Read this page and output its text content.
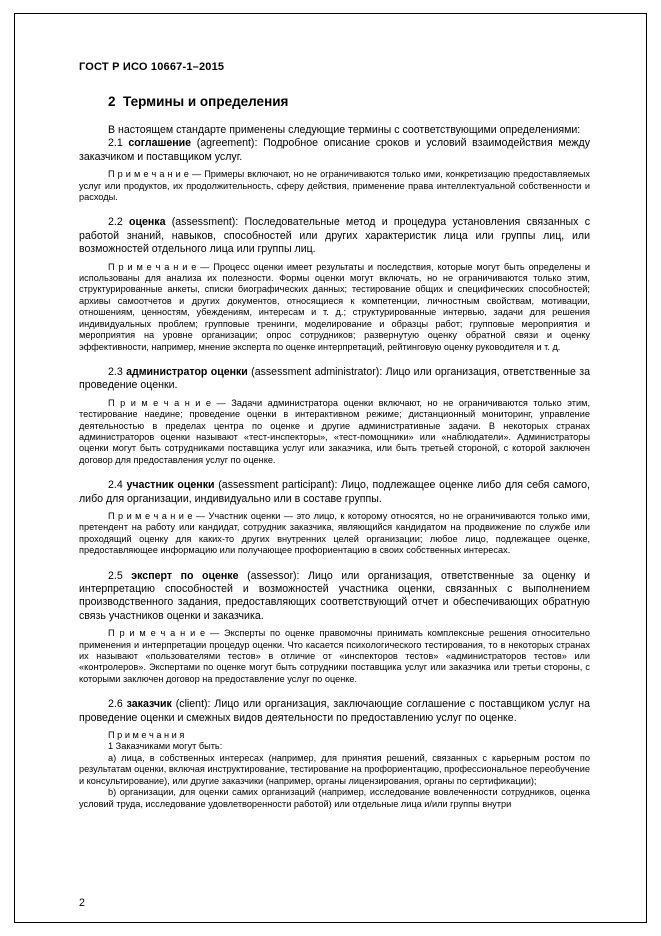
ГОСТ Р ИСО 10667-1–2015
2  Термины и определения

В настоящем стандарте применены следующие термины с соответствующими определениями:

2.1 соглашение (agreement): Подробное описание сроков и условий взаимодействия между заказчиком и поставщиком услуг.

П р и м е ч а н и е — Примеры включают, но не ограничиваются только ими, конкретизацию предоставляемых услуг или продуктов, их продолжительность, сферу действия, применение права интеллектуальной собственности и расходы.

2.2 оценка (assessment): Последовательные метод и процедура установления связанных с работой знаний, навыков, способностей или других характеристик лица или группы лиц, или возможностей отдельного лица или группы лиц.

П р и м е ч а н и е — Процесс оценки имеет результаты и последствия, которые могут быть определены и использованы для анализа их полезности. Формы оценки могут включать, но не ограничиваются только этим, структурированные анкеты, списки биографических данных; тестирование общих и специфических способностей; архивы самоотчетов и других документов, относящиеся к компетенции, личностным свойствам, мотивации, отношениям, ценностям, убеждениям, интересам и т. д.; структурированные интервью, задачи для решения индивидуальных проблем; групповые тренинги, моделирование и образцы работ; групповые мероприятия и мероприятия на уровне организации; опрос сотрудников; развернутую оценку обратной связи и оценку эффективности, например, мнение эксперта по оценке интерпретаций, рейтинговую оценку руководителя и т. д.

2.3 администратор оценки (assessment administrator): Лицо или организация, ответственные за проведение оценки.

П р и м е ч а н и е — Задачи администратора оценки включают, но не ограничиваются только этим, тестирование наедине; проведение оценки в интерактивном режиме; дистанционный мониторинг, управление деятельностью в пределах центра по оценке и другие административные задачи. В некоторых странах администраторов оценки называют «тест-инспекторы», «тест-помощники» или «наблюдатели». Администраторы оценки могут быть сотрудниками поставщика услуг или заказчика, или быть третьей стороной, с которой заключен договор для предоставления услуг по оценке.

2.4 участник оценки (assessment participant): Лицо, подлежащее оценке либо для себя самого, либо для организации, индивидуально или в составе группы.

П р и м е ч а н и е — Участник оценки — это лицо, к которому относятся, но не ограничиваются только ими, претендент на работу или кандидат, сотрудник заказчика, являющийся кандидатом на продвижение по службе или проходящий оценку для каких-то других внутренних целей организации; любое лицо, подлежащее оценке, предоставляющее информацию или получающее профориентацию в своих собственных интересах.

2.5 эксперт по оценке (assessor): Лицо или организация, ответственные за оценку и интерпретацию способностей и возможностей участника оценки, связанных с выполнением производственного задания, предоставляющих соответствующий отчет и обеспечивающих обратную связь участников оценки и заказчика.

П р и м е ч а н и е — Эксперты по оценке правомочны принимать комплексные решения относительно применения и интерпретации процедур оценки. Что касается психологического тестирования, то в некоторых странах их называют «пользователями тестов» в отличие от «инспекторов тестов» «администраторов тестов» или «контролеров». Экспертами по оценке могут быть сотрудники поставщика услуг или заказчика или третьи стороны, с которыми заключен договор на предоставление услуг по оценке.

2.6 заказчик (client): Лицо или организация, заключающие соглашение с поставщиком услуг на проведение оценки и смежных видов деятельности по предоставлению услуг по оценке.

П р и м е ч а н и я

1 Заказчиками могут быть:

a) лица, в собственных интересах (например, для принятия решений, связанных с карьерным ростом по результатам оценки, включая инструктирование, тестирование на профориентацию, профессиональное переобучение и консультирование), или другие заказчики (например, органы лицензирования, органы по сертификации);

b) организации, для оценки самих организаций (например, исследование вовлеченности сотрудников, оценка условий труда, исследование удовлетворенности работой) или отдельные лица и/или группы внутри

2
